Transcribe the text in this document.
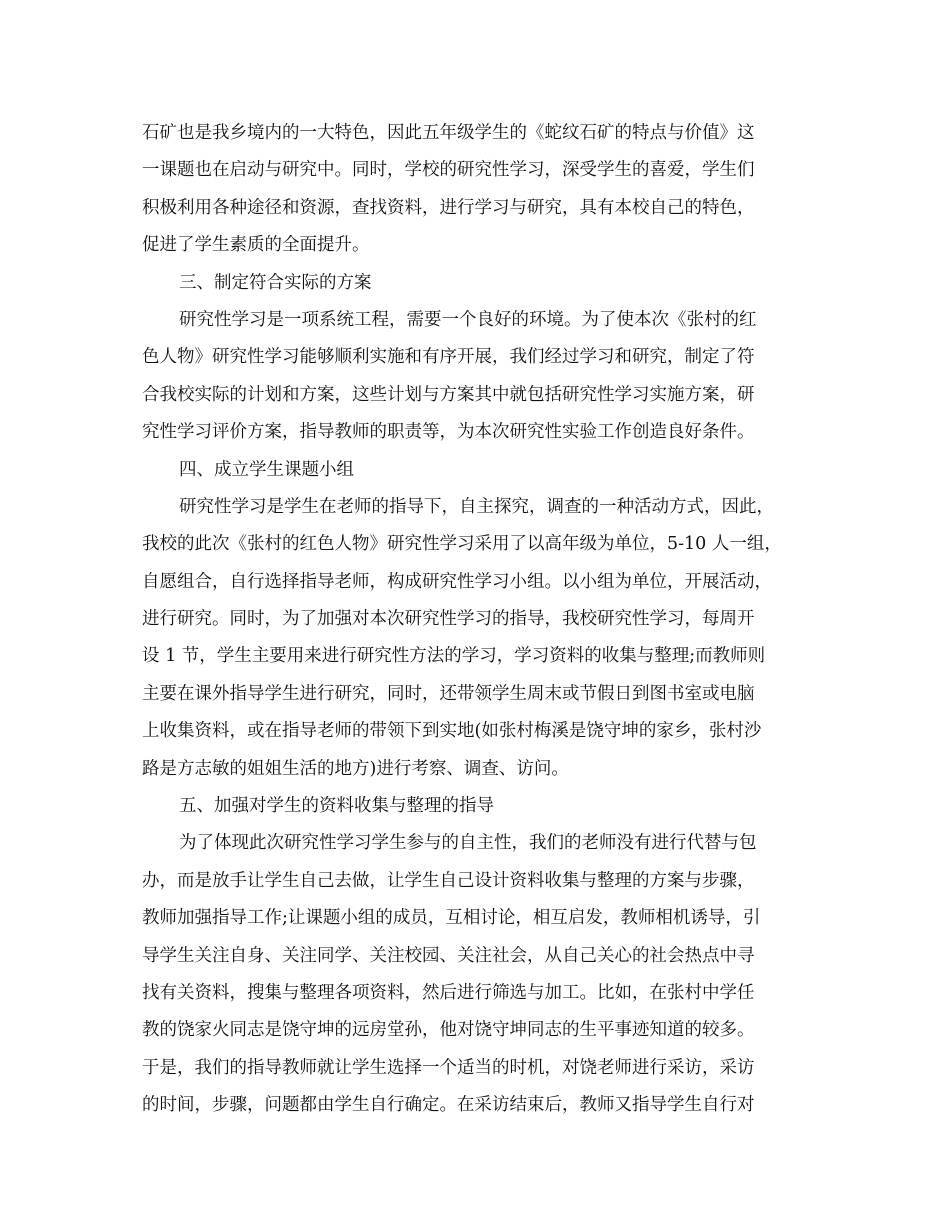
石矿也是我乡境内的一大特色，因此五年级学生的《蛇纹石矿的特点与价值》这
一课题也在启动与研究中。同时，学校的研究性学习，深受学生的喜爱，学生们
积极利用各种途径和资源，查找资料，进行学习与研究，具有本校自己的特色，
促进了学生素质的全面提升。
三、制定符合实际的方案
研究性学习是一项系统工程，需要一个良好的环境。为了使本次《张村的红
色人物》研究性学习能够顺利实施和有序开展，我们经过学习和研究，制定了符
合我校实际的计划和方案，这些计划与方案其中就包括研究性学习实施方案，研
究性学习评价方案，指导教师的职责等，为本次研究性实验工作创造良好条件。
四、成立学生课题小组
研究性学习是学生在老师的指导下，自主探究，调查的一种活动方式，因此，
我校的此次《张村的红色人物》研究性学习采用了以高年级为单位，5-10 人一组，
自愿组合，自行选择指导老师，构成研究性学习小组。以小组为单位，开展活动，
进行研究。同时，为了加强对本次研究性学习的指导，我校研究性学习，每周开
设 1 节，学生主要用来进行研究性方法的学习，学习资料的收集与整理;而教师则
主要在课外指导学生进行研究，同时，还带领学生周末或节假日到图书室或电脑
上收集资料，或在指导老师的带领下到实地(如张村梅溪是饶守坤的家乡，张村沙
路是方志敏的姐姐生活的地方)进行考察、调查、访问。
五、加强对学生的资料收集与整理的指导
为了体现此次研究性学习学生参与的自主性，我们的老师没有进行代替与包
办，而是放手让学生自己去做，让学生自己设计资料收集与整理的方案与步骤，
教师加强指导工作;让课题小组的成员，互相讨论，相互启发，教师相机诱导，引
导学生关注自身、关注同学、关注校园、关注社会，从自己关心的社会热点中寻
找有关资料，搜集与整理各项资料，然后进行筛选与加工。比如，在张村中学任
教的饶家火同志是饶守坤的远房堂孙，他对饶守坤同志的生平事迹知道的较多。
于是，我们的指导教师就让学生选择一个适当的时机，对饶老师进行采访，采访
的时间，步骤，问题都由学生自行确定。在采访结束后，教师又指导学生自行对
